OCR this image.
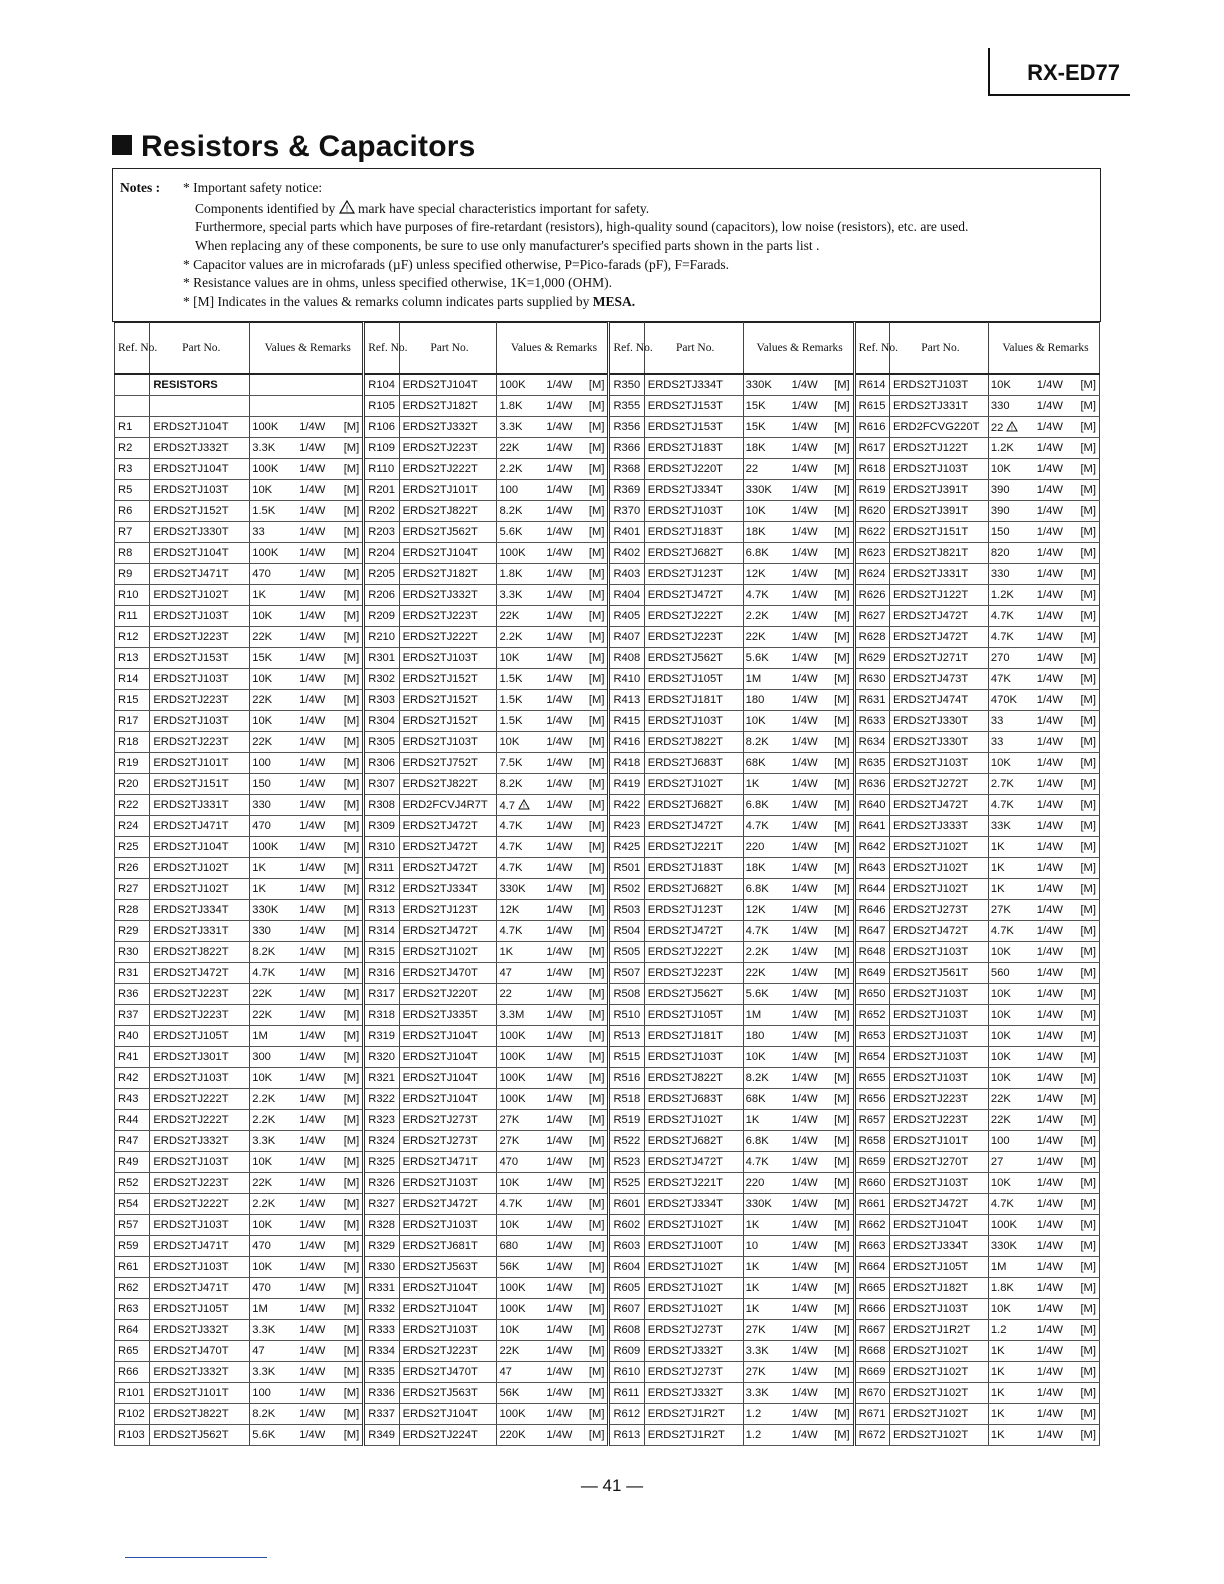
RX-ED77
Resistors & Capacitors
Notes : * Important safety notice:
Components identified by ! mark have special characteristics important for safety.
Furthermore, special parts which have purposes of fire-retardant (resistors), high-quality sound (capacitors), low noise (resistors), etc. are used.
When replacing any of these components, be sure to use only manufacturer's specified parts shown in the parts list .
* Capacitor values are in microfarads (µF) unless specified otherwise, P=Pico-farads (pF), F=Farads.
* Resistance values are in ohms, unless specified otherwise, 1K=1,000 (OHM).
* [M] Indicates in the values & remarks column indicates parts supplied by MESA.
Ref. No.	Part No.	Values & Remarks			Ref. No.	Part No.	Values & Remarks			Ref. No.	Part No.	Values & Remarks			Ref. No.	Part No.	Values & Remarks		
	RESISTORS				R104	ERDS2TJ104T	100K	1/4W	[M]	R350	ERDS2TJ334T	330K	1/4W	[M]	R614	ERDS2TJ103T	10K	1/4W	[M]
					R105	ERDS2TJ182T	1.8K	1/4W	[M]	R355	ERDS2TJ153T	15K	1/4W	[M]	R615	ERDS2TJ331T	330	1/4W	[M]
R1	ERDS2TJ104T	100K	1/4W	[M]	R106	ERDS2TJ332T	3.3K	1/4W	[M]	R356	ERDS2TJ153T	15K	1/4W	[M]	R616	ERD2FCVG220T	22 !	1/4W	[M]
R2	ERDS2TJ332T	3.3K	1/4W	[M]	R109	ERDS2TJ223T	22K	1/4W	[M]	R366	ERDS2TJ183T	18K	1/4W	[M]	R617	ERDS2TJ122T	1.2K	1/4W	[M]
R3	ERDS2TJ104T	100K	1/4W	[M]	R110	ERDS2TJ222T	2.2K	1/4W	[M]	R368	ERDS2TJ220T	22	1/4W	[M]	R618	ERDS2TJ103T	10K	1/4W	[M]
R5	ERDS2TJ103T	10K	1/4W	[M]	R201	ERDS2TJ101T	100	1/4W	[M]	R369	ERDS2TJ334T	330K	1/4W	[M]	R619	ERDS2TJ391T	390	1/4W	[M]
R6	ERDS2TJ152T	1.5K	1/4W	[M]	R202	ERDS2TJ822T	8.2K	1/4W	[M]	R370	ERDS2TJ103T	10K	1/4W	[M]	R620	ERDS2TJ391T	390	1/4W	[M]
R7	ERDS2TJ330T	33	1/4W	[M]	R203	ERDS2TJ562T	5.6K	1/4W	[M]	R401	ERDS2TJ183T	18K	1/4W	[M]	R622	ERDS2TJ151T	150	1/4W	[M]
R8	ERDS2TJ104T	100K	1/4W	[M]	R204	ERDS2TJ104T	100K	1/4W	[M]	R402	ERDS2TJ682T	6.8K	1/4W	[M]	R623	ERDS2TJ821T	820	1/4W	[M]
R9	ERDS2TJ471T	470	1/4W	[M]	R205	ERDS2TJ182T	1.8K	1/4W	[M]	R403	ERDS2TJ123T	12K	1/4W	[M]	R624	ERDS2TJ331T	330	1/4W	[M]
R10	ERDS2TJ102T	1K	1/4W	[M]	R206	ERDS2TJ332T	3.3K	1/4W	[M]	R404	ERDS2TJ472T	4.7K	1/4W	[M]	R626	ERDS2TJ122T	1.2K	1/4W	[M]
R11	ERDS2TJ103T	10K	1/4W	[M]	R209	ERDS2TJ223T	22K	1/4W	[M]	R405	ERDS2TJ222T	2.2K	1/4W	[M]	R627	ERDS2TJ472T	4.7K	1/4W	[M]
R12	ERDS2TJ223T	22K	1/4W	[M]	R210	ERDS2TJ222T	2.2K	1/4W	[M]	R407	ERDS2TJ223T	22K	1/4W	[M]	R628	ERDS2TJ472T	4.7K	1/4W	[M]
R13	ERDS2TJ153T	15K	1/4W	[M]	R301	ERDS2TJ103T	10K	1/4W	[M]	R408	ERDS2TJ562T	5.6K	1/4W	[M]	R629	ERDS2TJ271T	270	1/4W	[M]
R14	ERDS2TJ103T	10K	1/4W	[M]	R302	ERDS2TJ152T	1.5K	1/4W	[M]	R410	ERDS2TJ105T	1M	1/4W	[M]	R630	ERDS2TJ473T	47K	1/4W	[M]
R15	ERDS2TJ223T	22K	1/4W	[M]	R303	ERDS2TJ152T	1.5K	1/4W	[M]	R413	ERDS2TJ181T	180	1/4W	[M]	R631	ERDS2TJ474T	470K	1/4W	[M]
R17	ERDS2TJ103T	10K	1/4W	[M]	R304	ERDS2TJ152T	1.5K	1/4W	[M]	R415	ERDS2TJ103T	10K	1/4W	[M]	R633	ERDS2TJ330T	33	1/4W	[M]
R18	ERDS2TJ223T	22K	1/4W	[M]	R305	ERDS2TJ103T	10K	1/4W	[M]	R416	ERDS2TJ822T	8.2K	1/4W	[M]	R634	ERDS2TJ330T	33	1/4W	[M]
R19	ERDS2TJ101T	100	1/4W	[M]	R306	ERDS2TJ752T	7.5K	1/4W	[M]	R418	ERDS2TJ683T	68K	1/4W	[M]	R635	ERDS2TJ103T	10K	1/4W	[M]
R20	ERDS2TJ151T	150	1/4W	[M]	R307	ERDS2TJ822T	8.2K	1/4W	[M]	R419	ERDS2TJ102T	1K	1/4W	[M]	R636	ERDS2TJ272T	2.7K	1/4W	[M]
R22	ERDS2TJ331T	330	1/4W	[M]	R308	ERD2FCVJ4R7T	4.7 !	1/4W	[M]	R422	ERDS2TJ682T	6.8K	1/4W	[M]	R640	ERDS2TJ472T	4.7K	1/4W	[M]
R24	ERDS2TJ471T	470	1/4W	[M]	R309	ERDS2TJ472T	4.7K	1/4W	[M]	R423	ERDS2TJ472T	4.7K	1/4W	[M]	R641	ERDS2TJ333T	33K	1/4W	[M]
R25	ERDS2TJ104T	100K	1/4W	[M]	R310	ERDS2TJ472T	4.7K	1/4W	[M]	R425	ERDS2TJ221T	220	1/4W	[M]	R642	ERDS2TJ102T	1K	1/4W	[M]
R26	ERDS2TJ102T	1K	1/4W	[M]	R311	ERDS2TJ472T	4.7K	1/4W	[M]	R501	ERDS2TJ183T	18K	1/4W	[M]	R643	ERDS2TJ102T	1K	1/4W	[M]
R27	ERDS2TJ102T	1K	1/4W	[M]	R312	ERDS2TJ334T	330K	1/4W	[M]	R502	ERDS2TJ682T	6.8K	1/4W	[M]	R644	ERDS2TJ102T	1K	1/4W	[M]
R28	ERDS2TJ334T	330K	1/4W	[M]	R313	ERDS2TJ123T	12K	1/4W	[M]	R503	ERDS2TJ123T	12K	1/4W	[M]	R646	ERDS2TJ273T	27K	1/4W	[M]
R29	ERDS2TJ331T	330	1/4W	[M]	R314	ERDS2TJ472T	4.7K	1/4W	[M]	R504	ERDS2TJ472T	4.7K	1/4W	[M]	R647	ERDS2TJ472T	4.7K	1/4W	[M]
R30	ERDS2TJ822T	8.2K	1/4W	[M]	R315	ERDS2TJ102T	1K	1/4W	[M]	R505	ERDS2TJ222T	2.2K	1/4W	[M]	R648	ERDS2TJ103T	10K	1/4W	[M]
R31	ERDS2TJ472T	4.7K	1/4W	[M]	R316	ERDS2TJ470T	47	1/4W	[M]	R507	ERDS2TJ223T	22K	1/4W	[M]	R649	ERDS2TJ561T	560	1/4W	[M]
R36	ERDS2TJ223T	22K	1/4W	[M]	R317	ERDS2TJ220T	22	1/4W	[M]	R508	ERDS2TJ562T	5.6K	1/4W	[M]	R650	ERDS2TJ103T	10K	1/4W	[M]
R37	ERDS2TJ223T	22K	1/4W	[M]	R318	ERDS2TJ335T	3.3M	1/4W	[M]	R510	ERDS2TJ105T	1M	1/4W	[M]	R652	ERDS2TJ103T	10K	1/4W	[M]
R40	ERDS2TJ105T	1M	1/4W	[M]	R319	ERDS2TJ104T	100K	1/4W	[M]	R513	ERDS2TJ181T	180	1/4W	[M]	R653	ERDS2TJ103T	10K	1/4W	[M]
R41	ERDS2TJ301T	300	1/4W	[M]	R320	ERDS2TJ104T	100K	1/4W	[M]	R515	ERDS2TJ103T	10K	1/4W	[M]	R654	ERDS2TJ103T	10K	1/4W	[M]
R42	ERDS2TJ103T	10K	1/4W	[M]	R321	ERDS2TJ104T	100K	1/4W	[M]	R516	ERDS2TJ822T	8.2K	1/4W	[M]	R655	ERDS2TJ103T	10K	1/4W	[M]
R43	ERDS2TJ222T	2.2K	1/4W	[M]	R322	ERDS2TJ104T	100K	1/4W	[M]	R518	ERDS2TJ683T	68K	1/4W	[M]	R656	ERDS2TJ223T	22K	1/4W	[M]
R44	ERDS2TJ222T	2.2K	1/4W	[M]	R323	ERDS2TJ273T	27K	1/4W	[M]	R519	ERDS2TJ102T	1K	1/4W	[M]	R657	ERDS2TJ223T	22K	1/4W	[M]
R47	ERDS2TJ332T	3.3K	1/4W	[M]	R324	ERDS2TJ273T	27K	1/4W	[M]	R522	ERDS2TJ682T	6.8K	1/4W	[M]	R658	ERDS2TJ101T	100	1/4W	[M]
R49	ERDS2TJ103T	10K	1/4W	[M]	R325	ERDS2TJ471T	470	1/4W	[M]	R523	ERDS2TJ472T	4.7K	1/4W	[M]	R659	ERDS2TJ270T	27	1/4W	[M]
R52	ERDS2TJ223T	22K	1/4W	[M]	R326	ERDS2TJ103T	10K	1/4W	[M]	R525	ERDS2TJ221T	220	1/4W	[M]	R660	ERDS2TJ103T	10K	1/4W	[M]
R54	ERDS2TJ222T	2.2K	1/4W	[M]	R327	ERDS2TJ472T	4.7K	1/4W	[M]	R601	ERDS2TJ334T	330K	1/4W	[M]	R661	ERDS2TJ472T	4.7K	1/4W	[M]
R57	ERDS2TJ103T	10K	1/4W	[M]	R328	ERDS2TJ103T	10K	1/4W	[M]	R602	ERDS2TJ102T	1K	1/4W	[M]	R662	ERDS2TJ104T	100K	1/4W	[M]
R59	ERDS2TJ471T	470	1/4W	[M]	R329	ERDS2TJ681T	680	1/4W	[M]	R603	ERDS2TJ100T	10	1/4W	[M]	R663	ERDS2TJ334T	330K	1/4W	[M]
R61	ERDS2TJ103T	10K	1/4W	[M]	R330	ERDS2TJ563T	56K	1/4W	[M]	R604	ERDS2TJ102T	1K	1/4W	[M]	R664	ERDS2TJ105T	1M	1/4W	[M]
R62	ERDS2TJ471T	470	1/4W	[M]	R331	ERDS2TJ104T	100K	1/4W	[M]	R605	ERDS2TJ102T	1K	1/4W	[M]	R665	ERDS2TJ182T	1.8K	1/4W	[M]
R63	ERDS2TJ105T	1M	1/4W	[M]	R332	ERDS2TJ104T	100K	1/4W	[M]	R607	ERDS2TJ102T	1K	1/4W	[M]	R666	ERDS2TJ103T	10K	1/4W	[M]
R64	ERDS2TJ332T	3.3K	1/4W	[M]	R333	ERDS2TJ103T	10K	1/4W	[M]	R608	ERDS2TJ273T	27K	1/4W	[M]	R667	ERDS2TJ1R2T	1.2	1/4W	[M]
R65	ERDS2TJ470T	47	1/4W	[M]	R334	ERDS2TJ223T	22K	1/4W	[M]	R609	ERDS2TJ332T	3.3K	1/4W	[M]	R668	ERDS2TJ102T	1K	1/4W	[M]
R66	ERDS2TJ332T	3.3K	1/4W	[M]	R335	ERDS2TJ470T	47	1/4W	[M]	R610	ERDS2TJ273T	27K	1/4W	[M]	R669	ERDS2TJ102T	1K	1/4W	[M]
R101	ERDS2TJ101T	100	1/4W	[M]	R336	ERDS2TJ563T	56K	1/4W	[M]	R611	ERDS2TJ332T	3.3K	1/4W	[M]	R670	ERDS2TJ102T	1K	1/4W	[M]
R102	ERDS2TJ822T	8.2K	1/4W	[M]	R337	ERDS2TJ104T	100K	1/4W	[M]	R612	ERDS2TJ1R2T	1.2	1/4W	[M]	R671	ERDS2TJ102T	1K	1/4W	[M]
R103	ERDS2TJ562T	5.6K	1/4W	[M]	R349	ERDS2TJ224T	220K	1/4W	[M]	R613	ERDS2TJ1R2T	1.2	1/4W	[M]	R672	ERDS2TJ102T	1K	1/4W	[M]
— 41 —
